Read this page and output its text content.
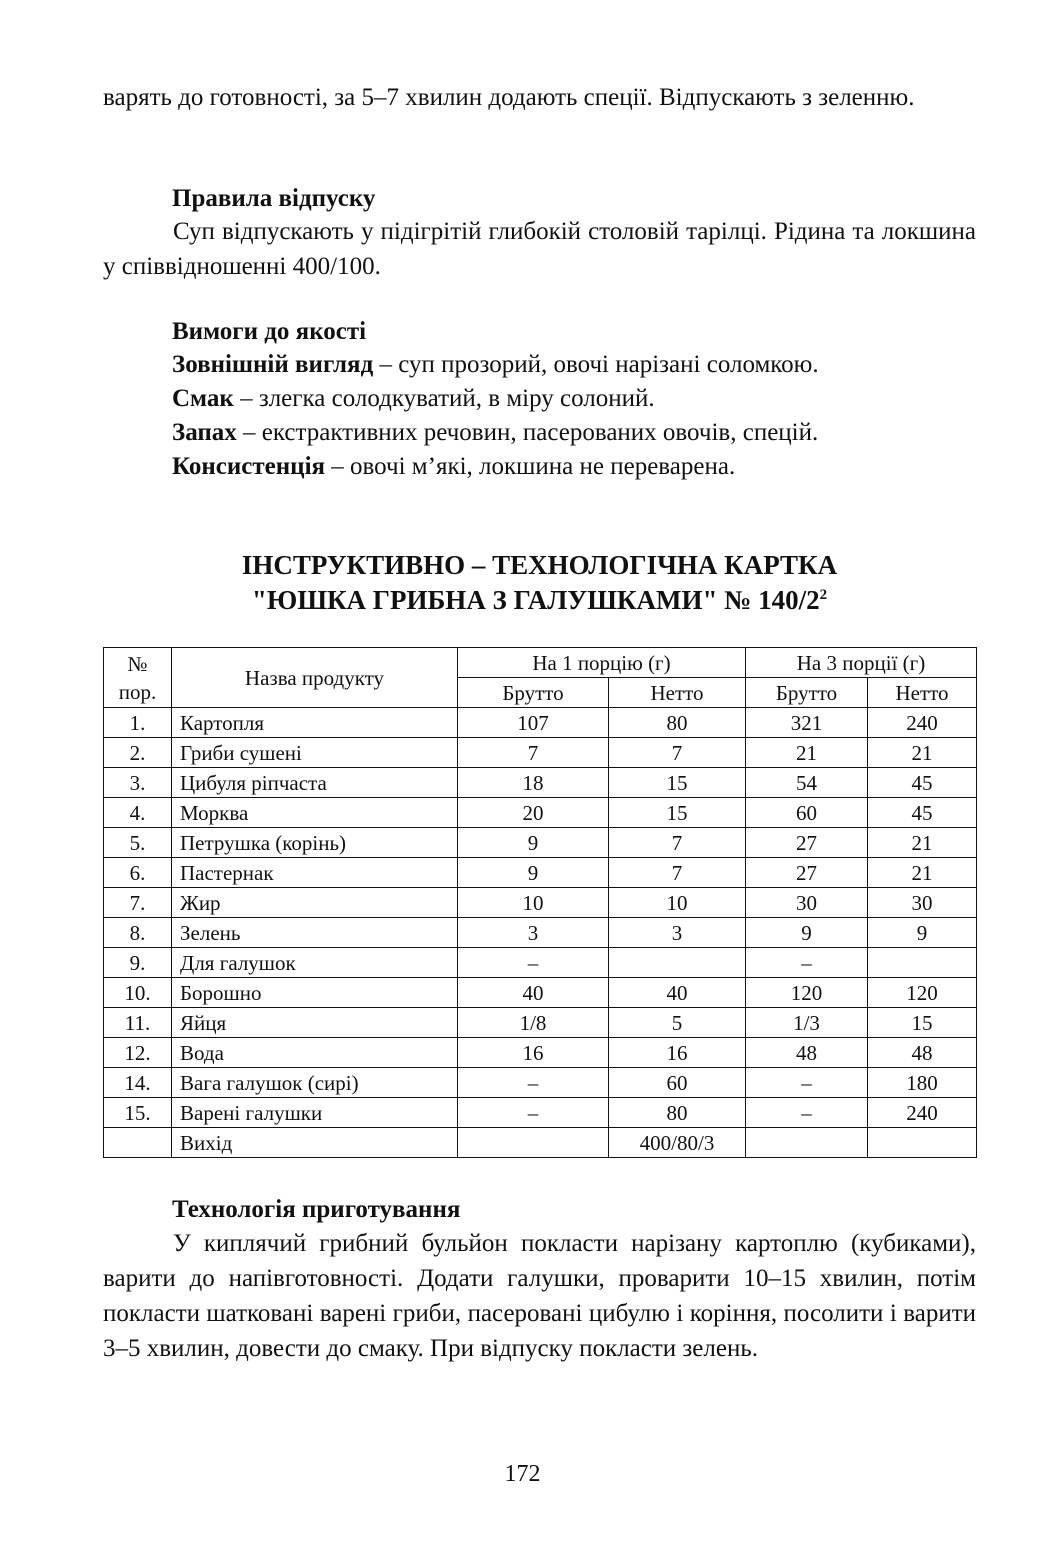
варять до готовності, за 5–7 хвилин додають спеції. Відпускають з зеленню.

Правила відпуску

Суп відпускають у підігрітій глибокій столовій тарілці. Рідина та локшина у співвідношенні 400/100.

Вимоги до якості

Зовнішній вигляд – суп прозорий, овочі нарізані соломкою.

Смак – злегка солодкуватий, в міру солоний.

Запах – екстрактивних речовин, пасерованих овочів, спецій.

Консистенція – овочі м’які, локшина не переварена.

ІНСТРУКТИВНО – ТЕХНОЛОГІЧНА КАРТКА

"ЮШКА ГРИБНА З ГАЛУШКАМИ" № $140/2^2$

№ пор.	Назва продукту	На 1 порцію (г)		На 3 порції (г)	
		Брутто	Нетто	Брутто	Нетто
1.	Картопля	107	80	321	240
2.	Гриби сушені	7	7	21	21
3.	Цибуля ріпчаста	18	15	54	45
4.	Морква	20	15	60	45
5.	Петрушка (корінь)	9	7	27	21
6.	Пастернак	9	7	27	21
7.	Жир	10	10	30	30
8.	Зелень	3	3	9	9
9.	Для галушок	–		–	
10.	Борошно	40	40	120	120
11.	Яйця	1/8	5	1/3	15
12.	Вода	16	16	48	48
14.	Вага галушок (сирі)	–	60	–	180
15.	Варені галушки	–	80	–	240
	Вихід		400/80/3		

Технологія приготування

У киплячий грибний бульйон покласти нарізану картоплю (кубиками), варити до напівготовності. Додати галушки, проварити 10–15 хвилин, потім покласти шатковані варені гриби, пасеровані цибулю і коріння, посолити і варити 3–5 хвилин, довести до смаку. При відпуску покласти зелень.

172
